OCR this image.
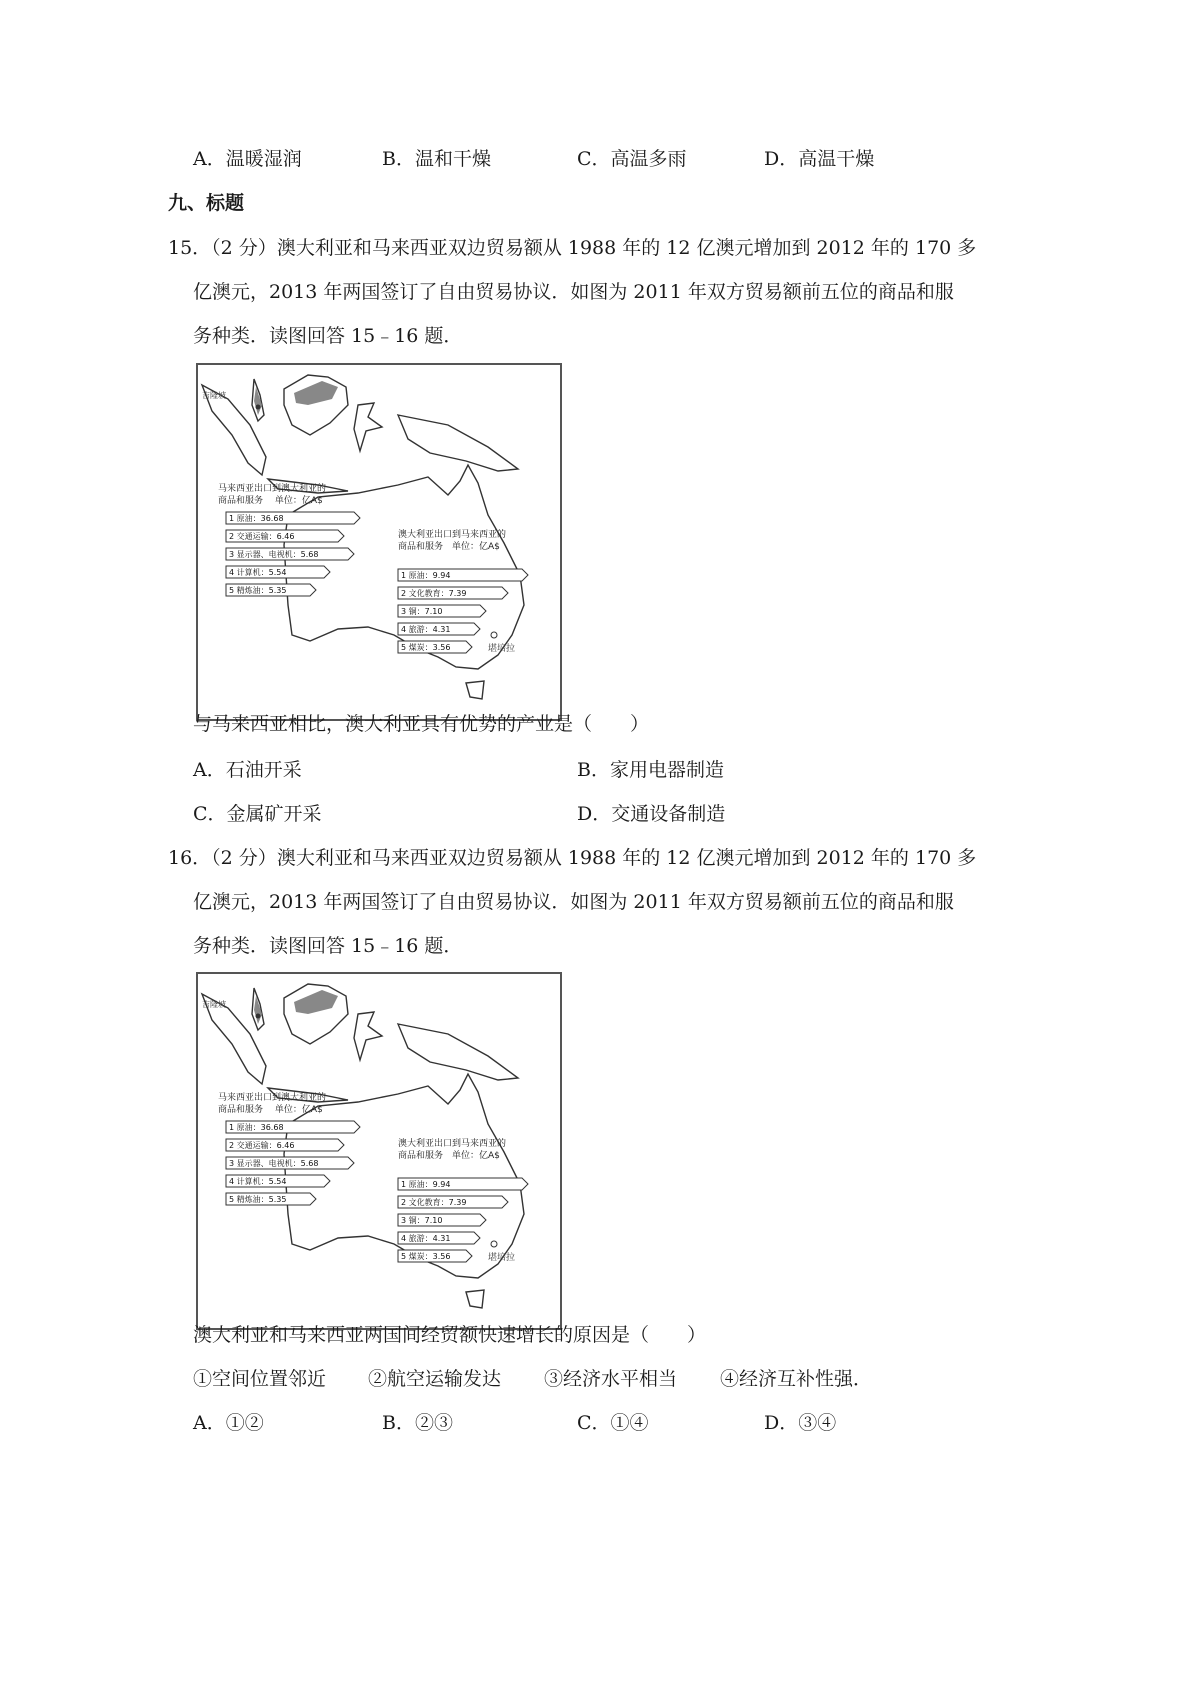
A．温暖湿润	B．温和干燥	C．高温多雨	D．高温干燥
九、标题
15．（2 分）澳大利亚和马来西亚双边贸易额从 1988 年的 12 亿澳元增加到 2012 年的 170 多
亿澳元，2013 年两国签订了自由贸易协议．如图为 2011 年双方贸易额前五位的商品和服
务种类．读图回答 15﹣16 题．
吉隆坡
堪培拉
马来西亚出口到澳大利亚的
商品和服务　 单位：亿A$
1 原油：36.68
2 交通运输：6.46
3 显示器、电视机：5.68
4 计算机：5.54
5 精炼油：5.35
澳大利亚出口到马来西亚的
商品和服务　单位：亿A$
1 原油：9.94
2 文化教育：7.39
3 铜：7.10
4 旅游：4.31
5 煤炭：3.56
与马来西亚相比，澳大利亚具有优势的产业是（　　）
A．石油开采	B．家用电器制造
C．金属矿开采	D．交通设备制造
16．（2 分）澳大利亚和马来西亚双边贸易额从 1988 年的 12 亿澳元增加到 2012 年的 170 多
亿澳元，2013 年两国签订了自由贸易协议．如图为 2011 年双方贸易额前五位的商品和服
务种类．读图回答 15﹣16 题．
吉隆坡
堪培拉
马来西亚出口到澳大利亚的
商品和服务　 单位：亿A$
1 原油：36.68
2 交通运输：6.46
3 显示器、电视机：5.68
4 计算机：5.54
5 精炼油：5.35
澳大利亚出口到马来西亚的
商品和服务　单位：亿A$
1 原油：9.94
2 文化教育：7.39
3 铜：7.10
4 旅游：4.31
5 煤炭：3.56
澳大利亚和马来西亚两国间经贸额快速增长的原因是（　　）
①空间位置邻近 ②航空运输发达 ③经济水平相当 ④经济互补性强．
A．①②	B．②③	C．①④	D．③④
